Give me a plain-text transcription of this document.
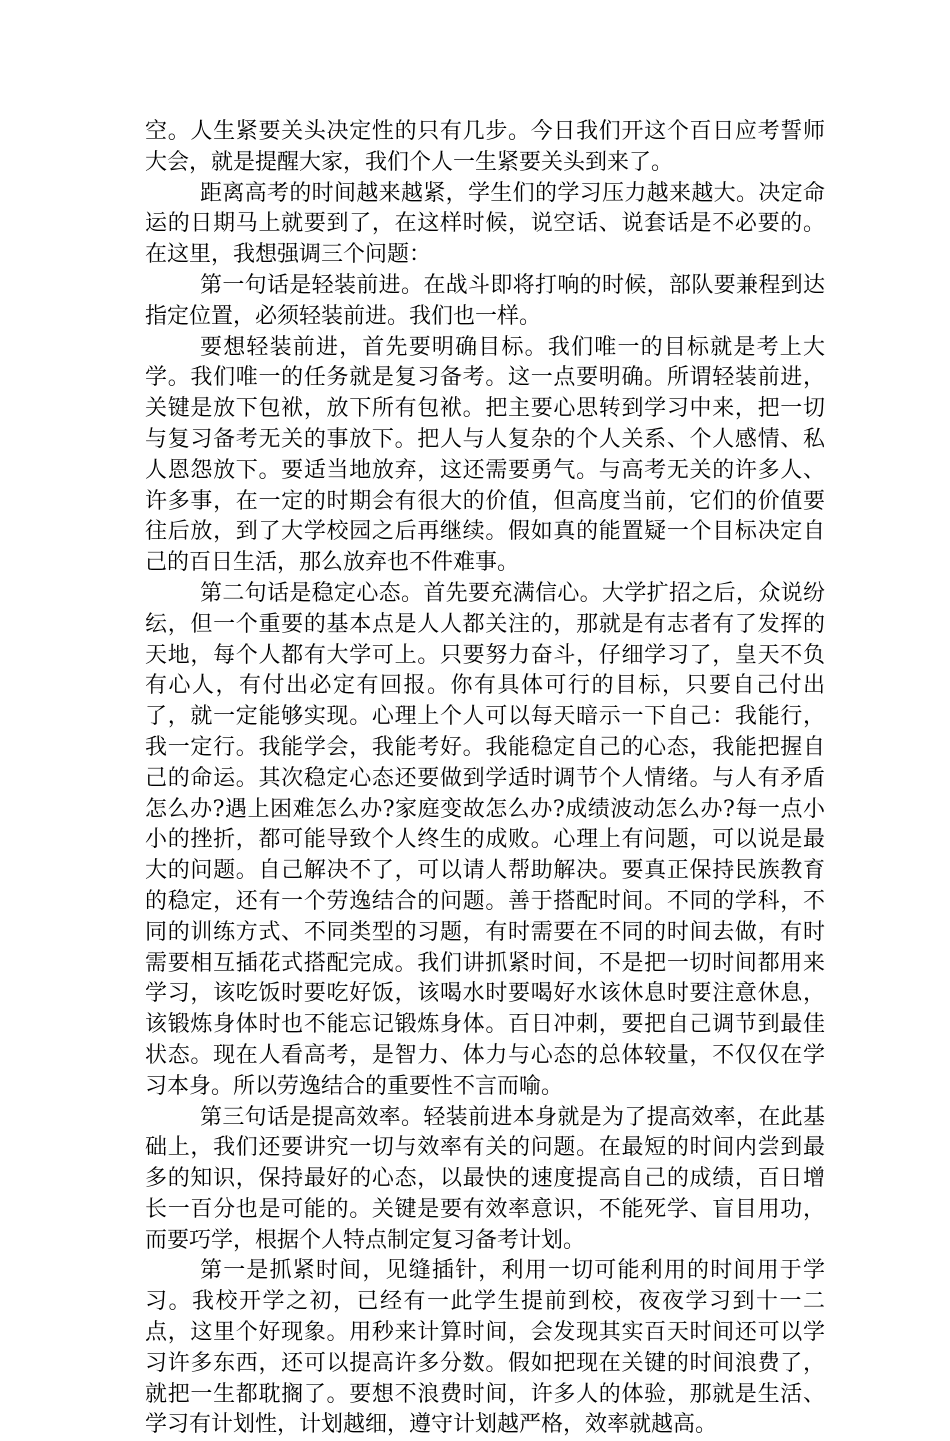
空。人生紧要关头决定性的只有几步。今日我们开这个百日应考誓师大会，就是提醒大家，我们个人一生紧要关头到来了。

距离高考的时间越来越紧，学生们的学习压力越来越大。决定命运的日期马上就要到了，在这样时候，说空话、说套话是不必要的。在这里，我想强调三个问题：

第一句话是轻装前进。在战斗即将打响的时候，部队要兼程到达指定位置，必须轻装前进。我们也一样。

要想轻装前进，首先要明确目标。我们唯一的目标就是考上大学。我们唯一的任务就是复习备考。这一点要明确。所谓轻装前进，关键是放下包袱，放下所有包袱。把主要心思转到学习中来，把一切与复习备考无关的事放下。把人与人复杂的个人关系、个人感情、私人恩怨放下。要适当地放弃，这还需要勇气。与高考无关的许多人、许多事，在一定的时期会有很大的价值，但高度当前，它们的价值要往后放，到了大学校园之后再继续。假如真的能置疑一个目标决定自己的百日生活，那么放弃也不件难事。

第二句话是稳定心态。首先要充满信心。大学扩招之后，众说纷纭，但一个重要的基本点是人人都关注的，那就是有志者有了发挥的天地，每个人都有大学可上。只要努力奋斗，仔细学习了，皇天不负有心人，有付出必定有回报。你有具体可行的目标，只要自己付出了，就一定能够实现。心理上个人可以每天暗示一下自己：我能行，我一定行。我能学会，我能考好。我能稳定自己的心态，我能把握自己的命运。其次稳定心态还要做到学适时调节个人情绪。与人有矛盾怎么办?遇上困难怎么办?家庭变故怎么办?成绩波动怎么办?每一点小小的挫折，都可能导致个人终生的成败。心理上有问题，可以说是最大的问题。自己解决不了，可以请人帮助解决。要真正保持民族教育的稳定，还有一个劳逸结合的问题。善于搭配时间。不同的学科，不同的训练方式、不同类型的习题，有时需要在不同的时间去做，有时需要相互插花式搭配完成。我们讲抓紧时间，不是把一切时间都用来学习，该吃饭时要吃好饭，该喝水时要喝好水该休息时要注意休息，该锻炼身体时也不能忘记锻炼身体。百日冲刺，要把自己调节到最佳状态。现在人看高考，是智力、体力与心态的总体较量，不仅仅在学习本身。所以劳逸结合的重要性不言而喻。

第三句话是提高效率。轻装前进本身就是为了提高效率，在此基础上，我们还要讲究一切与效率有关的问题。在最短的时间内尝到最多的知识，保持最好的心态，以最快的速度提高自己的成绩，百日增长一百分也是可能的。关键是要有效率意识，不能死学、盲目用功，而要巧学，根据个人特点制定复习备考计划。

第一是抓紧时间，见缝插针，利用一切可能利用的时间用于学习。我校开学之初，已经有一此学生提前到校，夜夜学习到十一二点，这里个好现象。用秒来计算时间，会发现其实百天时间还可以学习许多东西，还可以提高许多分数。假如把现在关键的时间浪费了，就把一生都耽搁了。要想不浪费时间，许多人的体验，那就是生活、学习有计划性，计划越细，遵守计划越严格，效率就越高。
